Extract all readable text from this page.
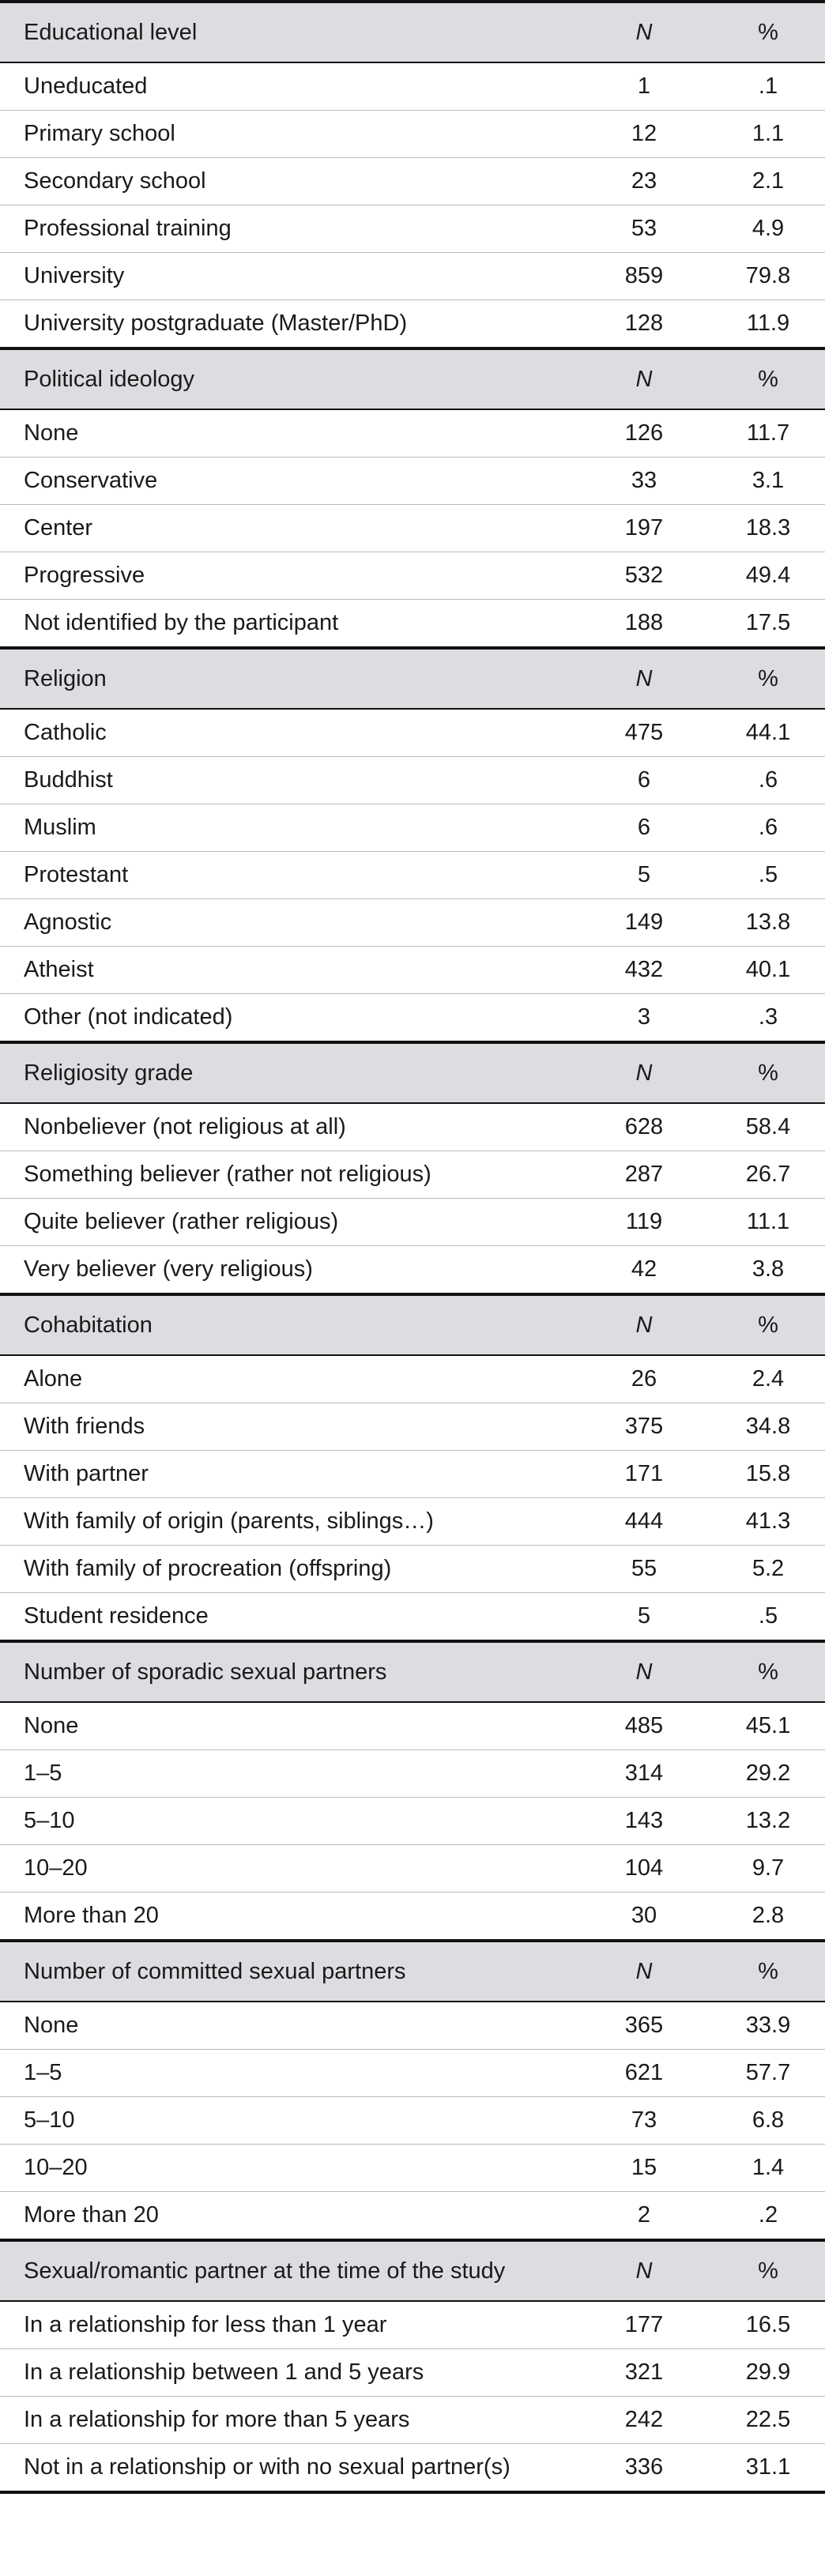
Educational level	N	%
Uneducated	1	.1
Primary school	12	1.1
Secondary school	23	2.1
Professional training	53	4.9
University	859	79.8
University postgraduate (Master/PhD)	128	11.9
Political ideology	N	%
None	126	11.7
Conservative	33	3.1
Center	197	18.3
Progressive	532	49.4
Not identified by the participant	188	17.5
Religion	N	%
Catholic	475	44.1
Buddhist	6	.6
Muslim	6	.6
Protestant	5	.5
Agnostic	149	13.8
Atheist	432	40.1
Other (not indicated)	3	.3
Religiosity grade	N	%
Nonbeliever (not religious at all)	628	58.4
Something believer (rather not religious)	287	26.7
Quite believer (rather religious)	119	11.1
Very believer (very religious)	42	3.8
Cohabitation	N	%
Alone	26	2.4
With friends	375	34.8
With partner	171	15.8
With family of origin (parents, siblings…)	444	41.3
With family of procreation (offspring)	55	5.2
Student residence	5	.5
Number of sporadic sexual partners	N	%
None	485	45.1
1–5	314	29.2
5–10	143	13.2
10–20	104	9.7
More than 20	30	2.8
Number of committed sexual partners	N	%
None	365	33.9
1–5	621	57.7
5–10	73	6.8
10–20	15	1.4
More than 20	2	.2
Sexual/romantic partner at the time of the study	N	%
In a relationship for less than 1 year	177	16.5
In a relationship between 1 and 5 years	321	29.9
In a relationship for more than 5 years	242	22.5
Not in a relationship or with no sexual partner(s)	336	31.1
